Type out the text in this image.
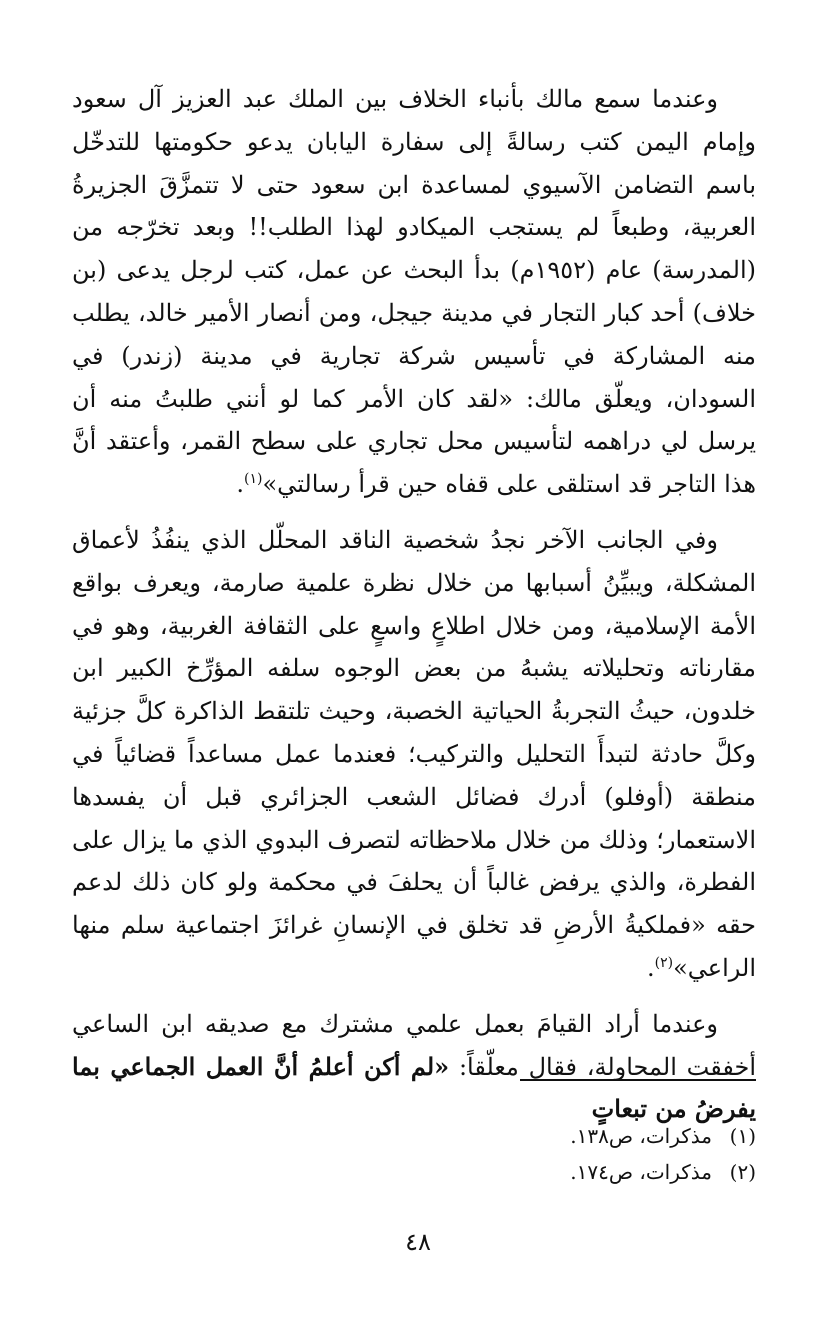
وعندما سمع مالك بأنباء الخلاف بين الملك عبد العزيز آل سعود وإمام اليمن كتب رسالةً إلى سفارة اليابان يدعو حكومتها للتدخّل باسم التضامن الآسيوي لمساعدة ابن سعود حتى لا تتمزَّقَ الجزيرةُ العربية، وطبعاً لم يستجب الميكادو لهذا الطلب!! وبعد تخرّجه من (المدرسة) عام (١٩٥٢م) بدأ البحث عن عمل، كتب لرجل يدعى (بن خلاف) أحد كبار التجار في مدينة جيجل، ومن أنصار الأمير خالد، يطلب منه المشاركة في تأسيس شركة تجارية في مدينة (زندر) في السودان، ويعلّق مالك: «لقد كان الأمر كما لو أنني طلبتُ منه أن يرسل لي دراهمه لتأسيس محل تجاري على سطح القمر، وأعتقد أنَّ هذا التاجر قد استلقى على قفاه حين قرأ رسالتي»$^{(١)}$.

وفي الجانب الآخر نجدُ شخصية الناقد المحلّل الذي ينفُذُ لأعماق المشكلة، ويبيِّنُ أسبابها من خلال نظرة علمية صارمة، ويعرف بواقع الأمة الإسلامية، ومن خلال اطلاعٍ واسعٍ على الثقافة الغربية، وهو في مقارناته وتحليلاته يشبهُ من بعض الوجوه سلفه المؤرِّخ الكبير ابن خلدون، حيثُ التجربةُ الحياتية الخصبة، وحيث تلتقط الذاكرة كلَّ جزئية وكلَّ حادثة لتبدأَ التحليل والتركيب؛ فعندما عمل مساعداً قضائياً في منطقة (أوفلو) أدرك فضائل الشعب الجزائري قبل أن يفسدها الاستعمار؛ وذلك من خلال ملاحظاته لتصرف البدوي الذي ما يزال على الفطرة، والذي يرفض غالباً أن يحلفَ في محكمة ولو كان ذلك لدعم حقه «فملكيةُ الأرضِ قد تخلق في الإنسانِ غرائزَ اجتماعية سلم منها الراعي»$^{(٢)}$.

وعندما أراد القيامَ بعمل علمي مشترك مع صديقه ابن الساعي أخفقت المحاولة، فقال معلّقاً: «لم أكن أعلمُ أنَّ العمل الجماعي بما يفرضُ من تبعاتٍ

(١)
مذكرات، ص١٣٨.
(٢)
مذكرات، ص١٧٤.
٤٨
